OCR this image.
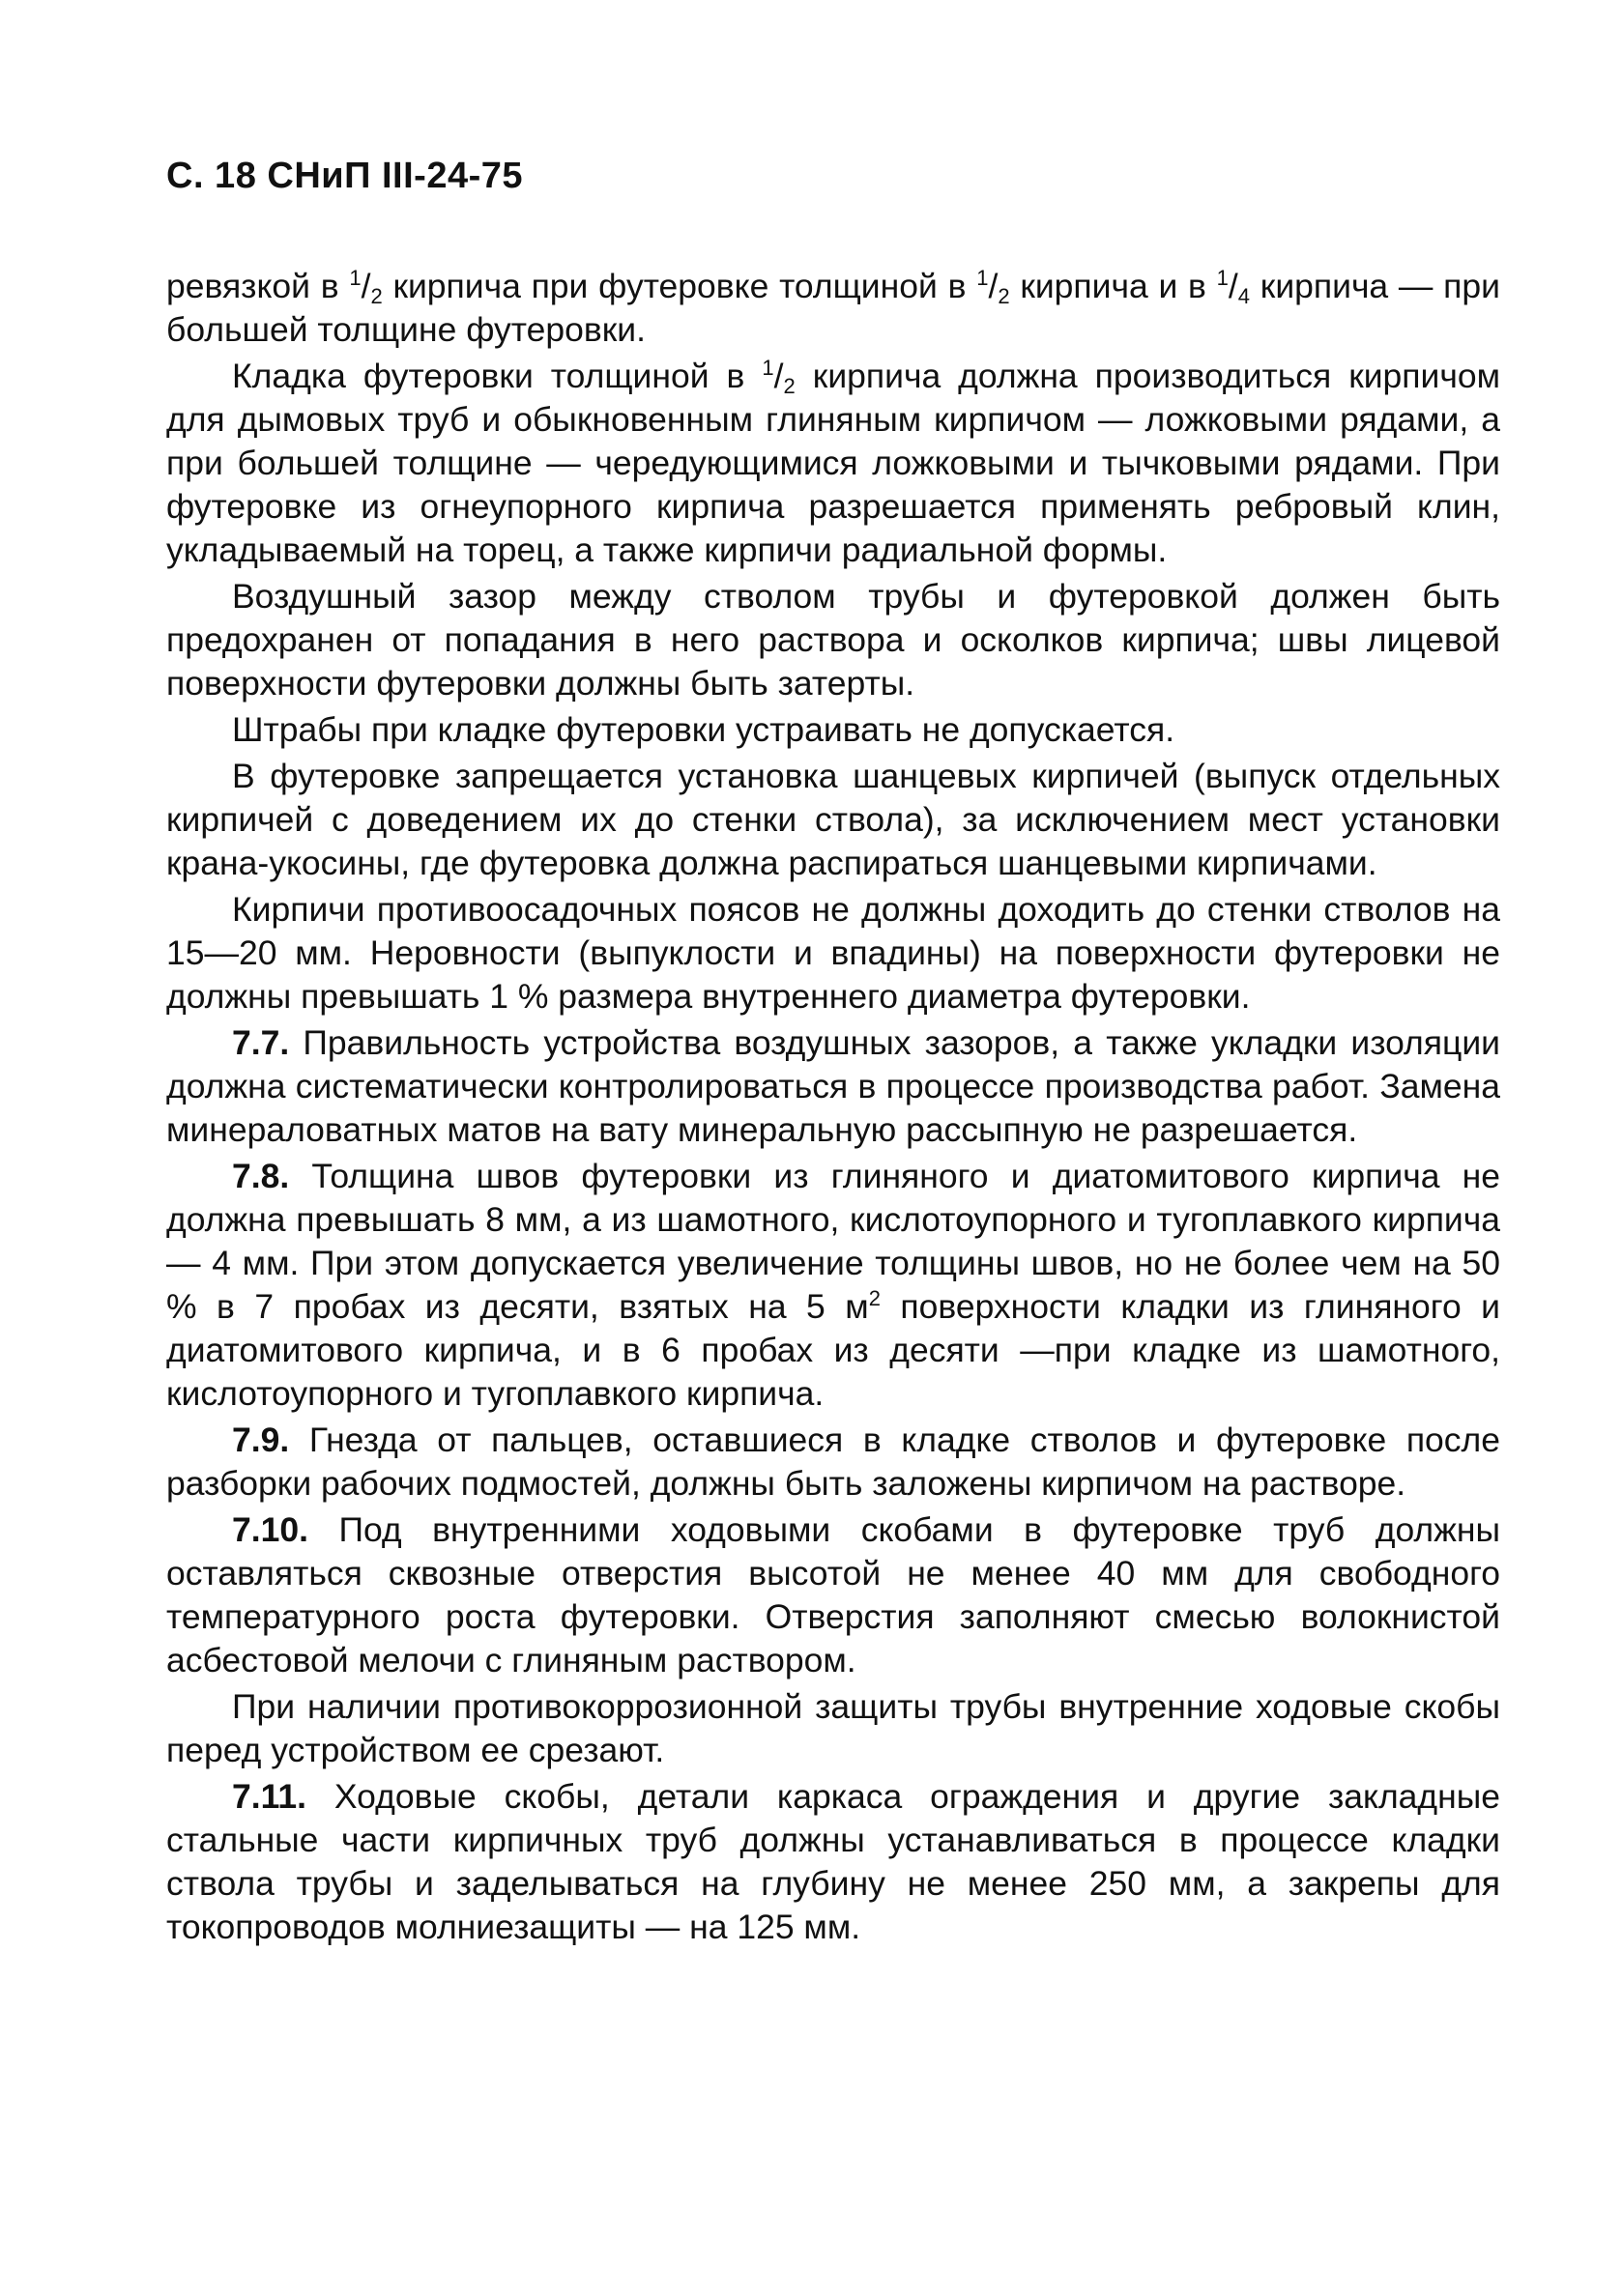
С. 18 СНиП III-24-75

ревязкой в $^1/_2$ кирпича при футеровке толщиной в $^1/_2$ кирпича и в $^1/_4$ кирпича — при большей толщине футеровки.

Кладка футеровки толщиной в $^1/_2$ кирпича должна производиться кирпичом для дымовых труб и обыкновенным глиняным кирпичом — ложковыми рядами, а при большей толщине — чередующимися ложковыми и тычковыми рядами. При футеровке из огнеупорного кирпича разрешается применять ребровый клин, укладываемый на торец, а также кирпичи радиальной формы.

Воздушный зазор между стволом трубы и футеровкой должен быть предохранен от попадания в него раствора и осколков кирпича; швы лицевой поверхности футеровки должны быть затерты.

Штрабы при кладке футеровки устраивать не допускается.

В футеровке запрещается установка шанцевых кирпичей (выпуск отдельных кирпичей с доведением их до стенки ствола), за исключением мест установки крана-укосины, где футеровка должна распираться шанцевыми кирпичами.

Кирпичи противоосадочных поясов не должны доходить до стенки стволов на 15—20 мм. Неровности (выпуклости и впадины) на поверхности футеровки не должны превышать 1 % размера внутреннего диаметра футеровки.

7.7. Правильность устройства воздушных зазоров, а также укладки изоляции должна систематически контролироваться в процессе производства работ. Замена минераловатных матов на вату минеральную рассыпную не разрешается.

7.8. Толщина швов футеровки из глиняного и диатомитового кирпича не должна превышать 8 мм, а из шамотного, кислотоупорного и тугоплавкого кирпича — 4 мм. При этом допускается увеличение толщины швов, но не более чем на 50 % в 7 пробах из десяти, взятых на 5 $м^2$ поверхности кладки из глиняного и диатомитового кирпича, и в 6 пробах из десяти —при кладке из шамотного, кислотоупорного и тугоплавкого кирпича.

7.9. Гнезда от пальцев, оставшиеся в кладке стволов и футеровке после разборки рабочих подмостей, должны быть заложены кирпичом на растворе.

7.10. Под внутренними ходовыми скобами в футеровке труб должны оставляться сквозные отверстия высотой не менее 40 мм для свободного температурного роста футеровки. Отверстия заполняют смесью волокнистой асбестовой мелочи с глиняным раствором.

При наличии противокоррозионной защиты трубы внутренние ходовые скобы перед устройством ее срезают.

7.11. Ходовые скобы, детали каркаса ограждения и другие закладные стальные части кирпичных труб должны устанавливаться в процессе кладки ствола трубы и заделываться на глубину не менее 250 мм, а закрепы для токопроводов молниезащиты — на 125 мм.
